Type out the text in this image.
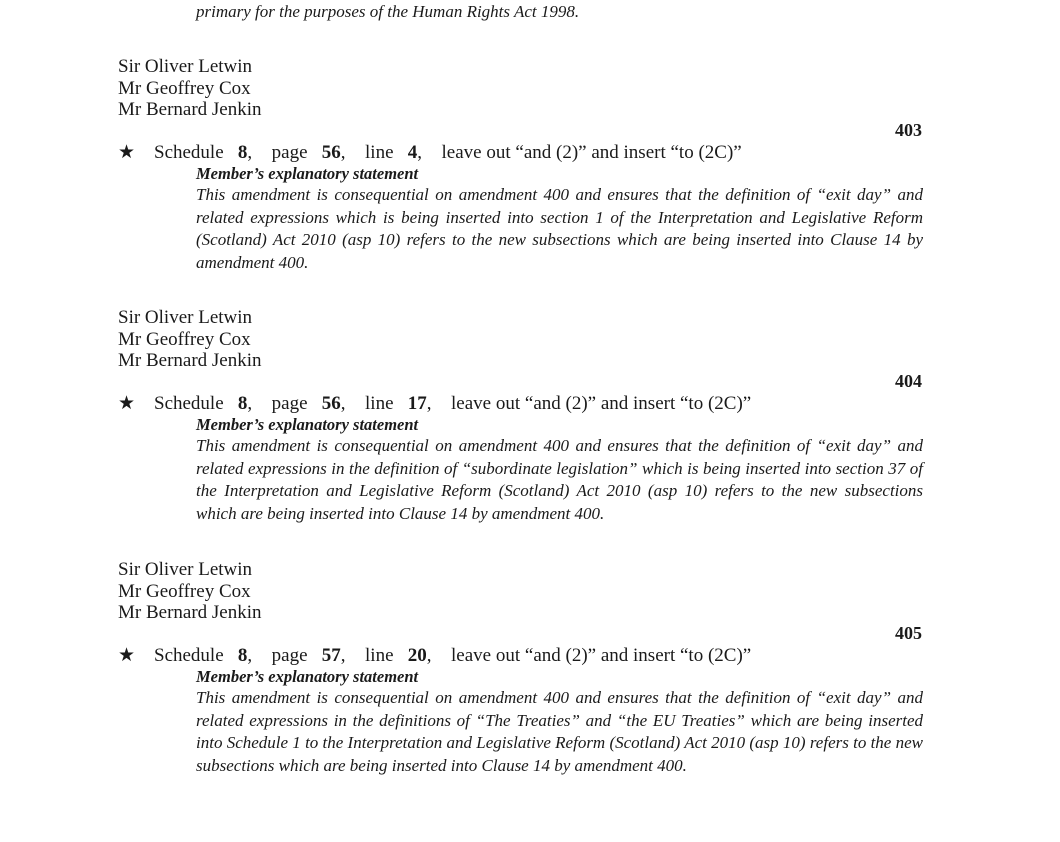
primary for the purposes of the Human Rights Act 1998.
Sir Oliver Letwin
Mr Geoffrey Cox
Mr Bernard Jenkin
403
★ Schedule 8, page 56, line 4, leave out “and (2)” and insert “to (2C)”
Member’s explanatory statement
This amendment is consequential on amendment 400 and ensures that the definition of “exit day” and related expressions which is being inserted into section 1 of the Interpretation and Legislative Reform (Scotland) Act 2010 (asp 10) refers to the new subsections which are being inserted into Clause 14 by amendment 400.
Sir Oliver Letwin
Mr Geoffrey Cox
Mr Bernard Jenkin
404
★ Schedule 8, page 56, line 17, leave out “and (2)” and insert “to (2C)”
Member’s explanatory statement
This amendment is consequential on amendment 400 and ensures that the definition of “exit day” and related expressions in the definition of “subordinate legislation” which is being inserted into section 37 of the Interpretation and Legislative Reform (Scotland) Act 2010 (asp 10) refers to the new subsections which are being inserted into Clause 14 by amendment 400.
Sir Oliver Letwin
Mr Geoffrey Cox
Mr Bernard Jenkin
405
★ Schedule 8, page 57, line 20, leave out “and (2)” and insert “to (2C)”
Member’s explanatory statement
This amendment is consequential on amendment 400 and ensures that the definition of “exit day” and related expressions in the definitions of “The Treaties” and “the EU Treaties” which are being inserted into Schedule 1 to the Interpretation and Legislative Reform (Scotland) Act 2010 (asp 10) refers to the new subsections which are being inserted into Clause 14 by amendment 400.
